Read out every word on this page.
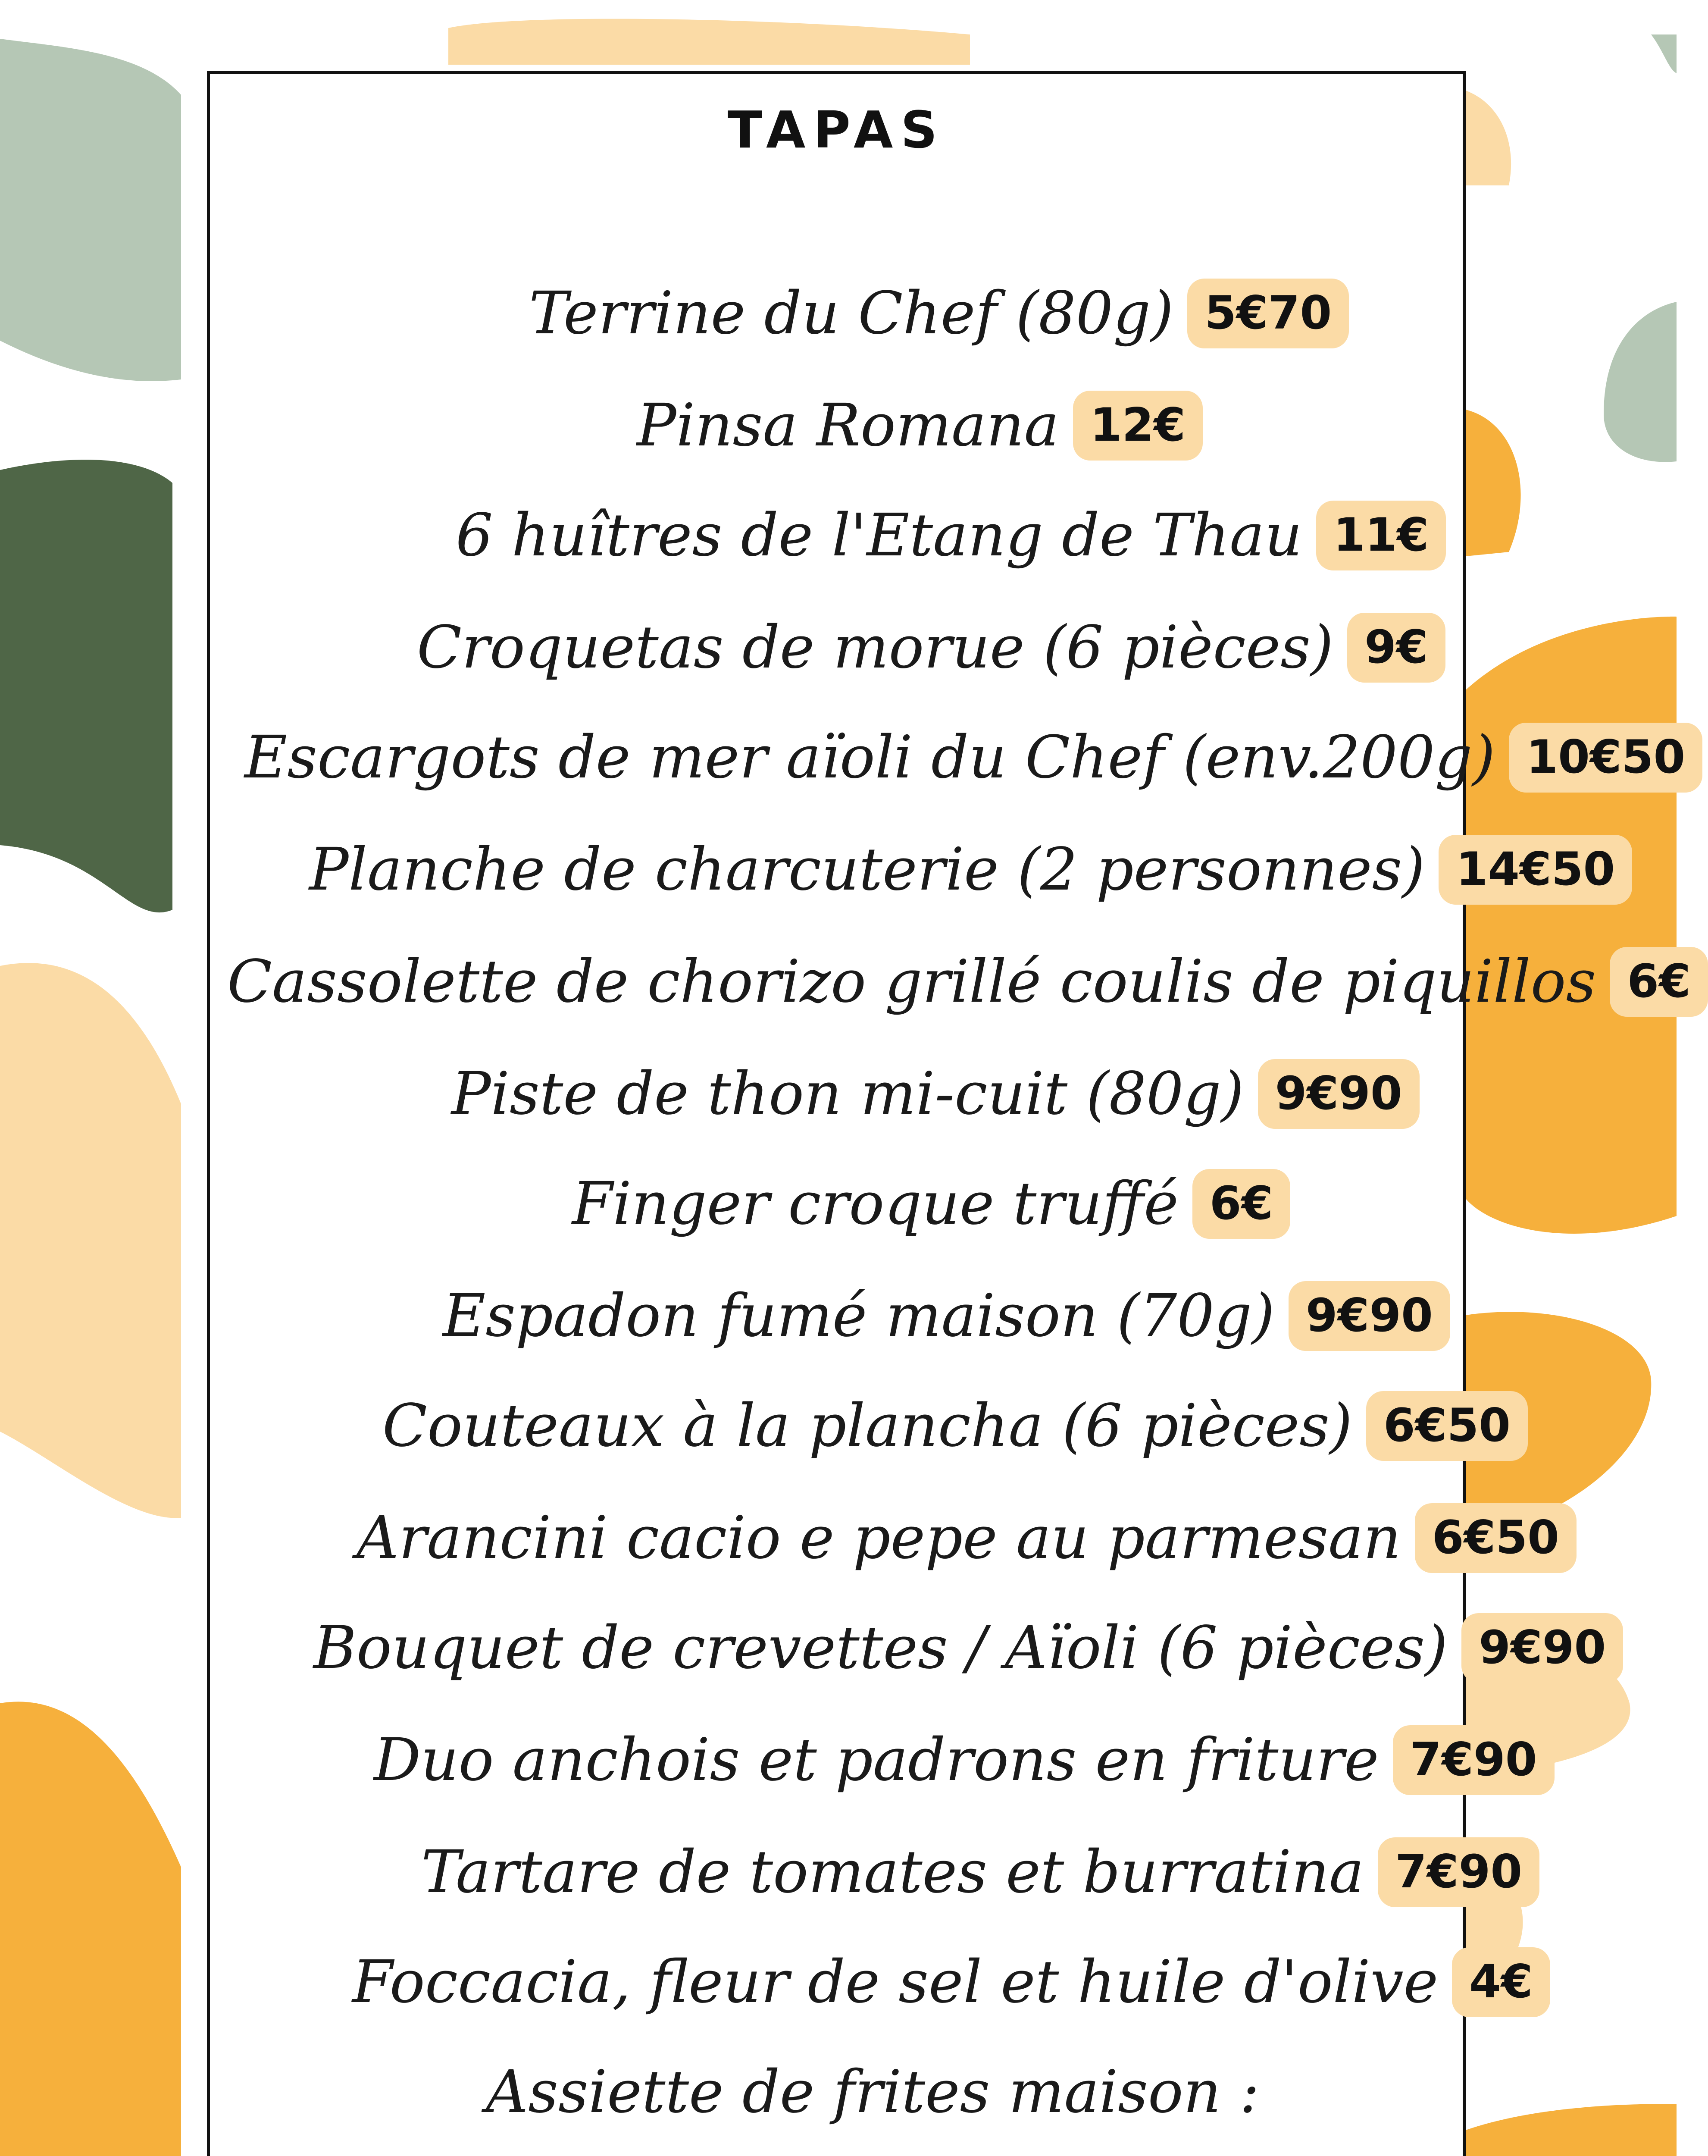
TAPAS
Terrine du Chef (80g) 5€70
Pinsa Romana 12€
6 huîtres de l'Etang de Thau 11€
Croquetas de morue (6 pièces) 9€
Escargots de mer aïoli du Chef (env.200g) 10€50
Planche de charcuterie (2 personnes) 14€50
Cassolette de chorizo grillé coulis de piquillos 6€
Piste de thon mi-cuit (80g) 9€90
Finger croque truffé 6€
Espadon fumé maison (70g) 9€90
Couteaux à la plancha (6 pièces) 6€50
Arancini cacio e pepe au parmesan 6€50
Bouquet de crevettes / Aïoli (6 pièces) 9€90
Duo anchois et padrons en friture 7€90
Tartare de tomates et burratina 7€90
Foccacia, fleur de sel et huile d'olive 4€
Assiette de frites maison :
